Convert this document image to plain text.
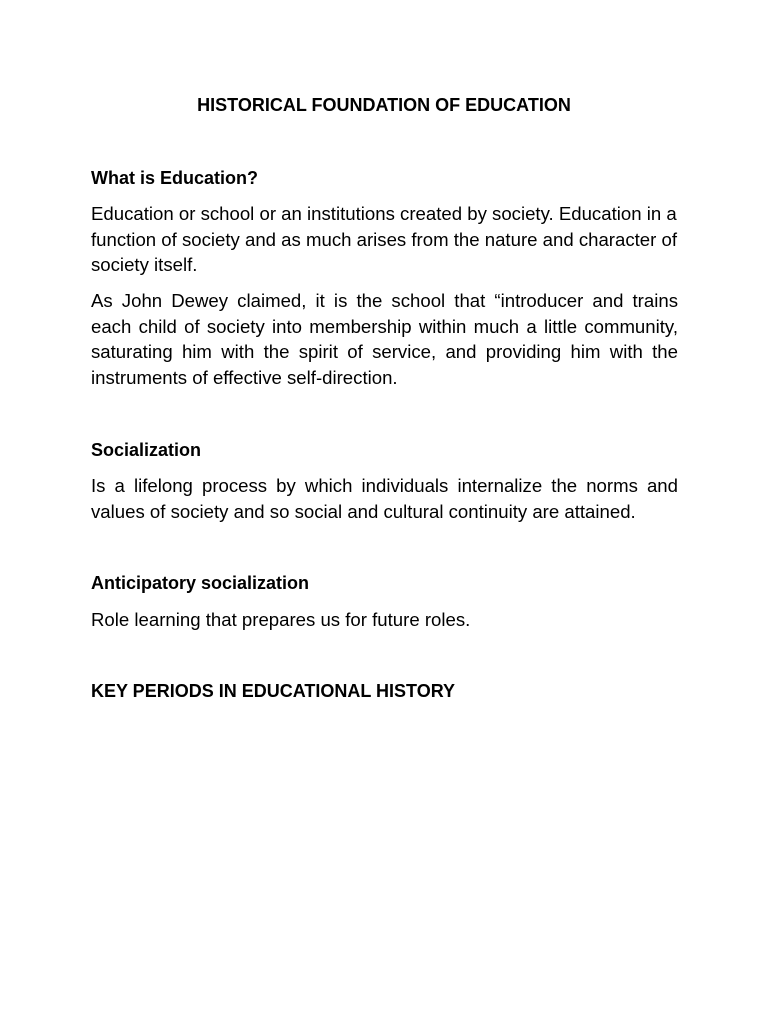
HISTORICAL FOUNDATION OF EDUCATION
What is Education?

Education or school or an institutions created by society. Education in a function of society and as much arises from the nature and character of society itself.

As John Dewey claimed, it is the school that “introducer and trains each child of society into membership within much a little community, saturating him with the spirit of service, and providing him with the instruments of effective self-direction.

Socialization

Is a lifelong process by which individuals internalize the norms and values of society and so social and cultural continuity are attained.

Anticipatory socialization

Role learning that prepares us for future roles.

KEY PERIODS IN EDUCATIONAL HISTORY
